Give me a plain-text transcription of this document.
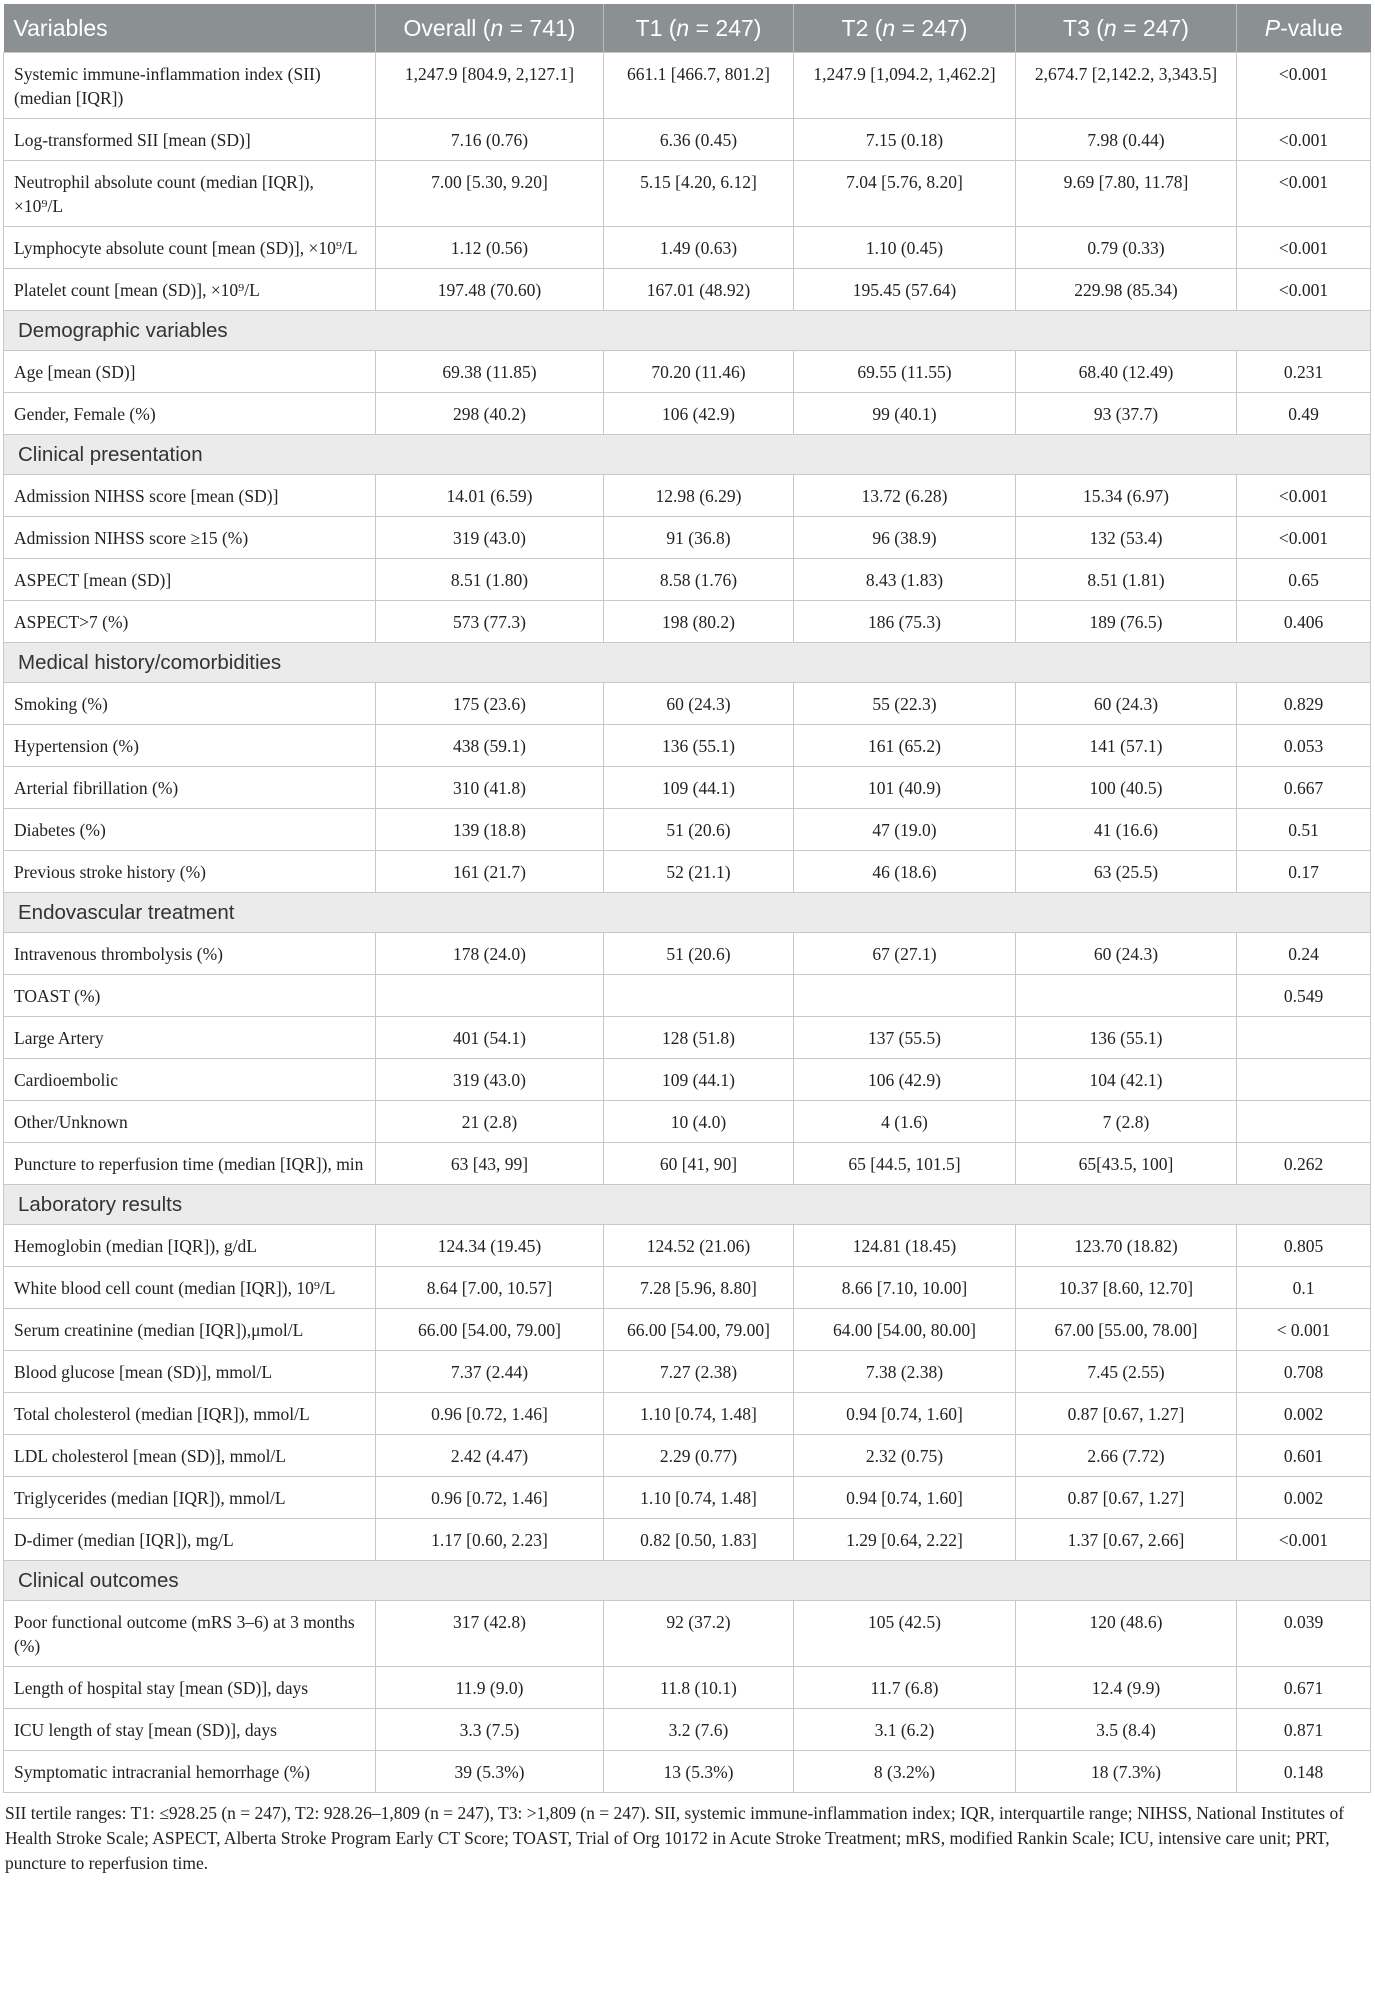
Variables	Overall (n = 741)	T1 (n = 247)	T2 (n = 247)	T3 (n = 247)	P-value
Systemic immune-inflammation index (SII) (median [IQR])	1,247.9 [804.9, 2,127.1]	661.1 [466.7, 801.2]	1,247.9 [1,094.2, 1,462.2]	2,674.7 [2,142.2, 3,343.5]	<0.001
Log-transformed SII [mean (SD)]	7.16 (0.76)	6.36 (0.45)	7.15 (0.18)	7.98 (0.44)	<0.001
Neutrophil absolute count (median [IQR]), ×10⁹/L	7.00 [5.30, 9.20]	5.15 [4.20, 6.12]	7.04 [5.76, 8.20]	9.69 [7.80, 11.78]	<0.001
Lymphocyte absolute count [mean (SD)], ×10⁹/L	1.12 (0.56)	1.49 (0.63)	1.10 (0.45)	0.79 (0.33)	<0.001
Platelet count [mean (SD)], ×10⁹/L	197.48 (70.60)	167.01 (48.92)	195.45 (57.64)	229.98 (85.34)	<0.001
Demographic variables					
Age [mean (SD)]	69.38 (11.85)	70.20 (11.46)	69.55 (11.55)	68.40 (12.49)	0.231
Gender, Female (%)	298 (40.2)	106 (42.9)	99 (40.1)	93 (37.7)	0.49
Clinical presentation					
Admission NIHSS score [mean (SD)]	14.01 (6.59)	12.98 (6.29)	13.72 (6.28)	15.34 (6.97)	<0.001
Admission NIHSS score ≥15 (%)	319 (43.0)	91 (36.8)	96 (38.9)	132 (53.4)	<0.001
ASPECT [mean (SD)]	8.51 (1.80)	8.58 (1.76)	8.43 (1.83)	8.51 (1.81)	0.65
ASPECT>7 (%)	573 (77.3)	198 (80.2)	186 (75.3)	189 (76.5)	0.406
Medical history/comorbidities					
Smoking (%)	175 (23.6)	60 (24.3)	55 (22.3)	60 (24.3)	0.829
Hypertension (%)	438 (59.1)	136 (55.1)	161 (65.2)	141 (57.1)	0.053
Arterial fibrillation (%)	310 (41.8)	109 (44.1)	101 (40.9)	100 (40.5)	0.667
Diabetes (%)	139 (18.8)	51 (20.6)	47 (19.0)	41 (16.6)	0.51
Previous stroke history (%)	161 (21.7)	52 (21.1)	46 (18.6)	63 (25.5)	0.17
Endovascular treatment					
Intravenous thrombolysis (%)	178 (24.0)	51 (20.6)	67 (27.1)	60 (24.3)	0.24
TOAST (%)					0.549
Large Artery	401 (54.1)	128 (51.8)	137 (55.5)	136 (55.1)	
Cardioembolic	319 (43.0)	109 (44.1)	106 (42.9)	104 (42.1)	
Other/Unknown	21 (2.8)	10 (4.0)	4 (1.6)	7 (2.8)	
Puncture to reperfusion time (median [IQR]), min	63 [43, 99]	60 [41, 90]	65 [44.5, 101.5]	65[43.5, 100]	0.262
Laboratory results					
Hemoglobin (median [IQR]), g/dL	124.34 (19.45)	124.52 (21.06)	124.81 (18.45)	123.70 (18.82)	0.805
White blood cell count (median [IQR]), 10⁹/L	8.64 [7.00, 10.57]	7.28 [5.96, 8.80]	8.66 [7.10, 10.00]	10.37 [8.60, 12.70]	0.1
Serum creatinine (median [IQR]),μmol/L	66.00 [54.00, 79.00]	66.00 [54.00, 79.00]	64.00 [54.00, 80.00]	67.00 [55.00, 78.00]	< 0.001
Blood glucose [mean (SD)], mmol/L	7.37 (2.44)	7.27 (2.38)	7.38 (2.38)	7.45 (2.55)	0.708
Total cholesterol (median [IQR]), mmol/L	0.96 [0.72, 1.46]	1.10 [0.74, 1.48]	0.94 [0.74, 1.60]	0.87 [0.67, 1.27]	0.002
LDL cholesterol [mean (SD)], mmol/L	2.42 (4.47)	2.29 (0.77)	2.32 (0.75)	2.66 (7.72)	0.601
Triglycerides (median [IQR]), mmol/L	0.96 [0.72, 1.46]	1.10 [0.74, 1.48]	0.94 [0.74, 1.60]	0.87 [0.67, 1.27]	0.002
D-dimer (median [IQR]), mg/L	1.17 [0.60, 2.23]	0.82 [0.50, 1.83]	1.29 [0.64, 2.22]	1.37 [0.67, 2.66]	<0.001
Clinical outcomes					
Poor functional outcome (mRS 3–6) at 3 months (%)	317 (42.8)	92 (37.2)	105 (42.5)	120 (48.6)	0.039
Length of hospital stay [mean (SD)], days	11.9 (9.0)	11.8 (10.1)	11.7 (6.8)	12.4 (9.9)	0.671
ICU length of stay [mean (SD)], days	3.3 (7.5)	3.2 (7.6)	3.1 (6.2)	3.5 (8.4)	0.871
Symptomatic intracranial hemorrhage (%)	39 (5.3%)	13 (5.3%)	8 (3.2%)	18 (7.3%)	0.148
SII tertile ranges: T1: ≤928.25 (n = 247), T2: 928.26–1,809 (n = 247), T3: >1,809 (n = 247). SII, systemic immune-inflammation index; IQR, interquartile range; NIHSS, National Institutes of Health Stroke Scale; ASPECT, Alberta Stroke Program Early CT Score; TOAST, Trial of Org 10172 in Acute Stroke Treatment; mRS, modified Rankin Scale; ICU, intensive care unit; PRT, puncture to reperfusion time.
